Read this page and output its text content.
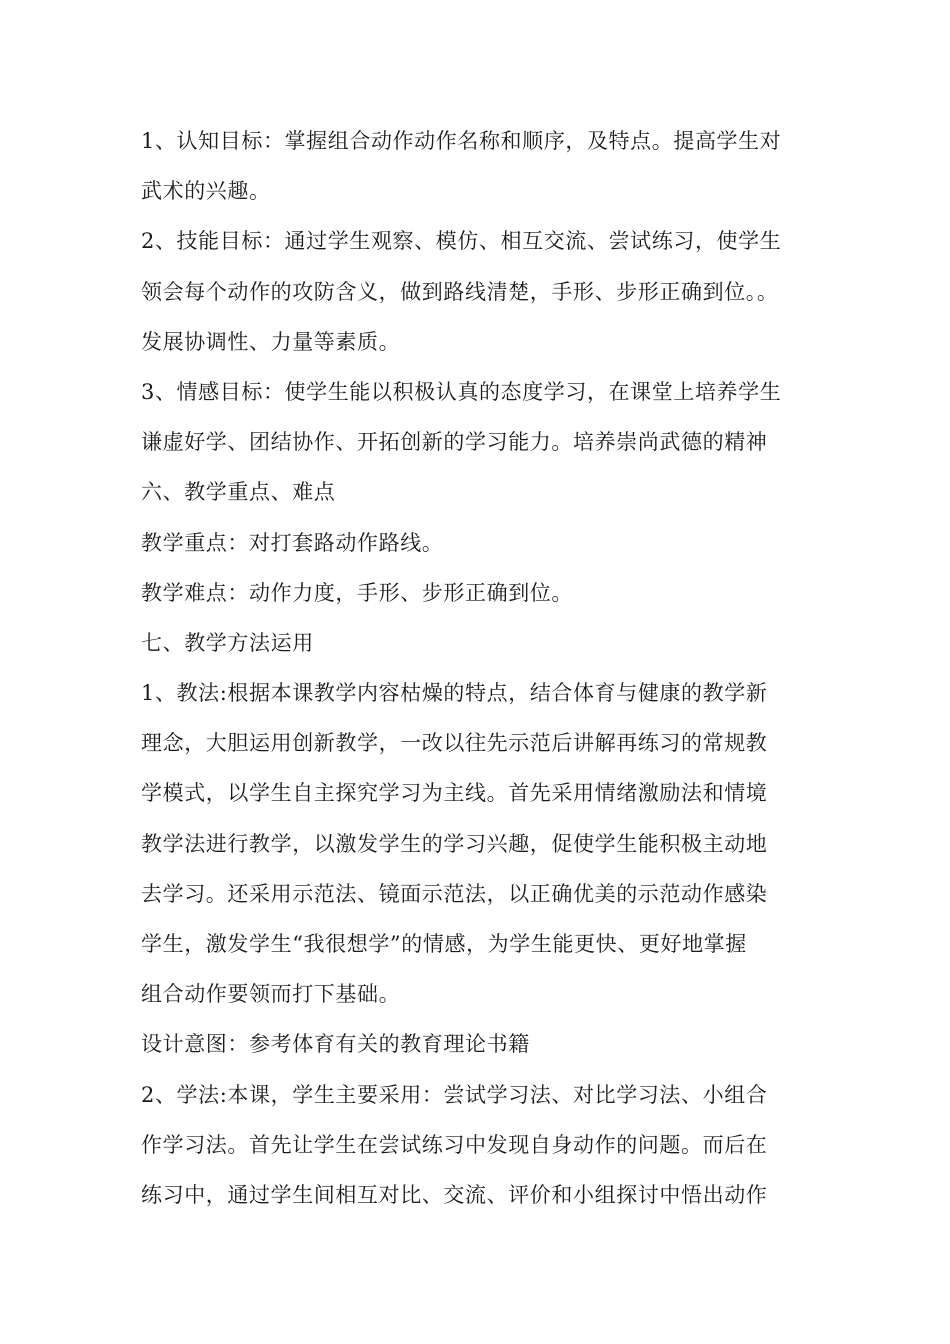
1、认知目标：掌握组合动作动作名称和顺序，及特点。提高学生对
武术的兴趣。
2、技能目标：通过学生观察、模仿、相互交流、尝试练习，使学生
领会每个动作的攻防含义，做到路线清楚，手形、步形正确到位。。
发展协调性、力量等素质。
3、情感目标：使学生能以积极认真的态度学习，在课堂上培养学生
谦虚好学、团结协作、开拓创新的学习能力。培养崇尚武德的精神
六、教学重点、难点
教学重点：对打套路动作路线。
教学难点：动作力度，手形、步形正确到位。
七、教学方法运用
1、教法:根据本课教学内容枯燥的特点，结合体育与健康的教学新
理念，大胆运用创新教学，一改以往先示范后讲解再练习的常规教
学模式，以学生自主探究学习为主线。首先采用情绪激励法和情境
教学法进行教学，以激发学生的学习兴趣，促使学生能积极主动地
去学习。还采用示范法、镜面示范法，以正确优美的示范动作感染
学生，激发学生“我很想学”的情感，为学生能更快、更好地掌握
组合动作要领而打下基础。
设计意图：参考体育有关的教育理论书籍
2、学法:本课，学生主要采用：尝试学习法、对比学习法、小组合
作学习法。首先让学生在尝试练习中发现自身动作的问题。而后在
练习中，通过学生间相互对比、交流、评价和小组探讨中悟出动作
